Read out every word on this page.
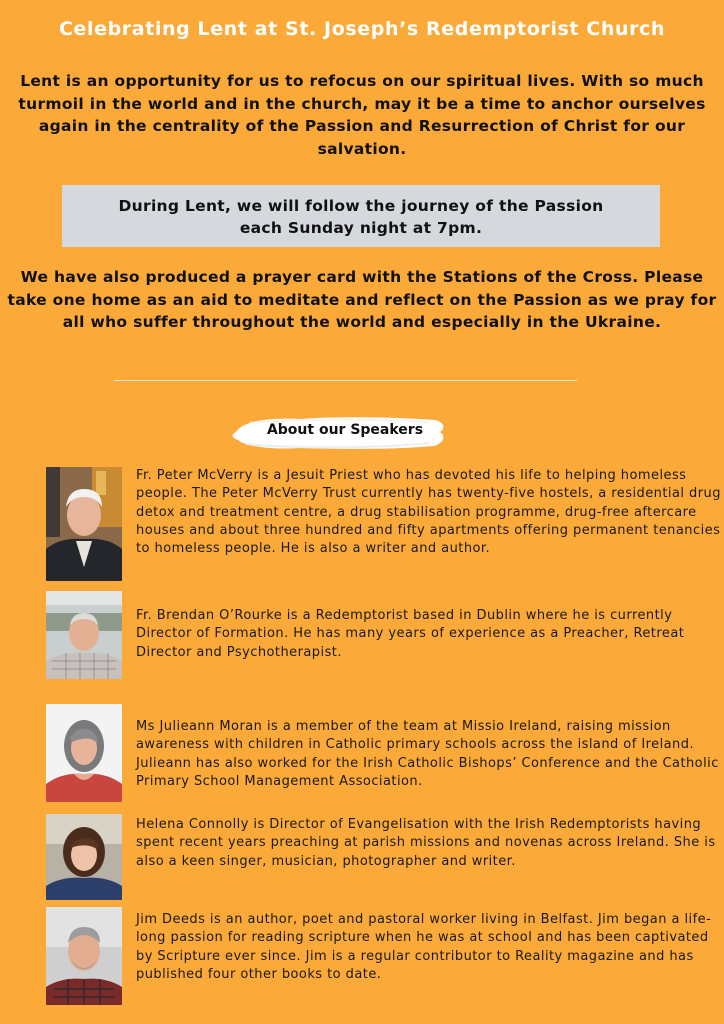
Celebrating Lent at St. Joseph’s Redemptorist Church
Lent is an opportunity for us to refocus on our spiritual lives. With so much turmoil in the world and in the church, may it be a time to anchor ourselves again in the centrality of the Passion and Resurrection of Christ for our salvation.
During Lent, we will follow the journey of the Passion
each Sunday night at 7pm.
We have also produced a prayer card with the Stations of the Cross. Please take one home as an aid to meditate and reflect on the Passion as we pray for all who suffer throughout the world and especially in the Ukraine.
About our Speakers
Fr. Peter McVerry is a Jesuit Priest who has devoted his life to helping homeless people. The Peter McVerry Trust currently has twenty-five hostels, a residential drug detox and treatment centre, a drug stabilisation programme, drug-free aftercare houses and about three hundred and fifty apartments offering permanent tenancies to homeless people. He is also a writer and author.
Fr. Brendan O’Rourke is a Redemptorist based in Dublin where he is currently Director of Formation. He has many years of experience as a Preacher, Retreat Director and Psychotherapist.
Ms Julieann Moran is a member of the team at Missio Ireland, raising mission awareness with children in Catholic primary schools across the island of Ireland. Julieann has also worked for the Irish Catholic Bishops’ Conference and the Catholic Primary School Management Association.
Helena Connolly is Director of Evangelisation with the Irish Redemptorists having spent recent years preaching at parish missions and novenas across Ireland. She is also a keen singer, musician, photographer and writer.
Jim Deeds is an author, poet and pastoral worker living in Belfast. Jim began a life-long passion for reading scripture when he was at school and has been captivated by Scripture ever since. Jim is a regular contributor to Reality magazine and has published four other books to date.
